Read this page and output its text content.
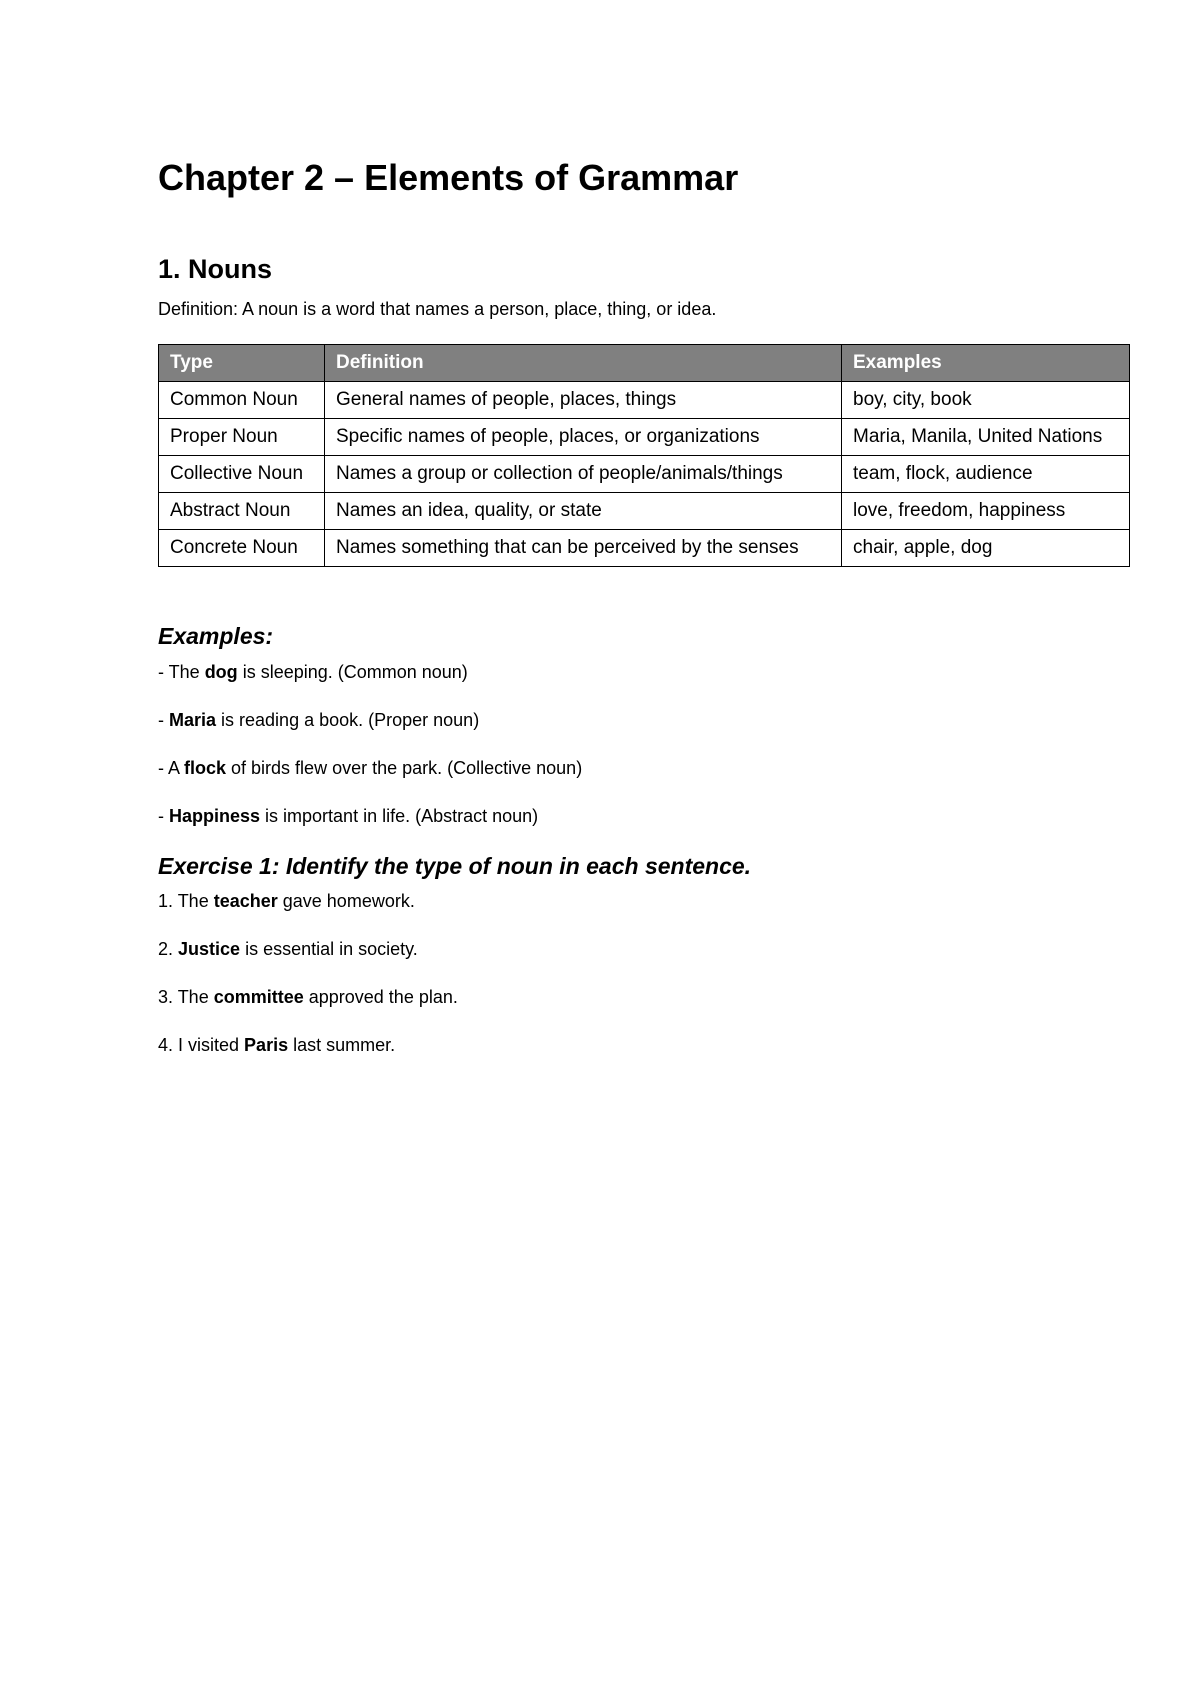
Chapter 2 – Elements of Grammar
1. Nouns

Definition: A noun is a word that names a person, place, thing, or idea.

Type	Definition	Examples
Common Noun	General names of people, places, things	boy, city, book
Proper Noun	Specific names of people, places, or organizations	Maria, Manila, United Nations
Collective Noun	Names a group or collection of people/animals/things	team, flock, audience
Abstract Noun	Names an idea, quality, or state	love, freedom, happiness
Concrete Noun	Names something that can be perceived by the senses	chair, apple, dog
Examples:

- The dog is sleeping. (Common noun)

- Maria is reading a book. (Proper noun)

- A flock of birds flew over the park. (Collective noun)

- Happiness is important in life. (Abstract noun)

Exercise 1: Identify the type of noun in each sentence.

1. The teacher gave homework.

2. Justice is essential in society.

3. The committee approved the plan.

4. I visited Paris last summer.
